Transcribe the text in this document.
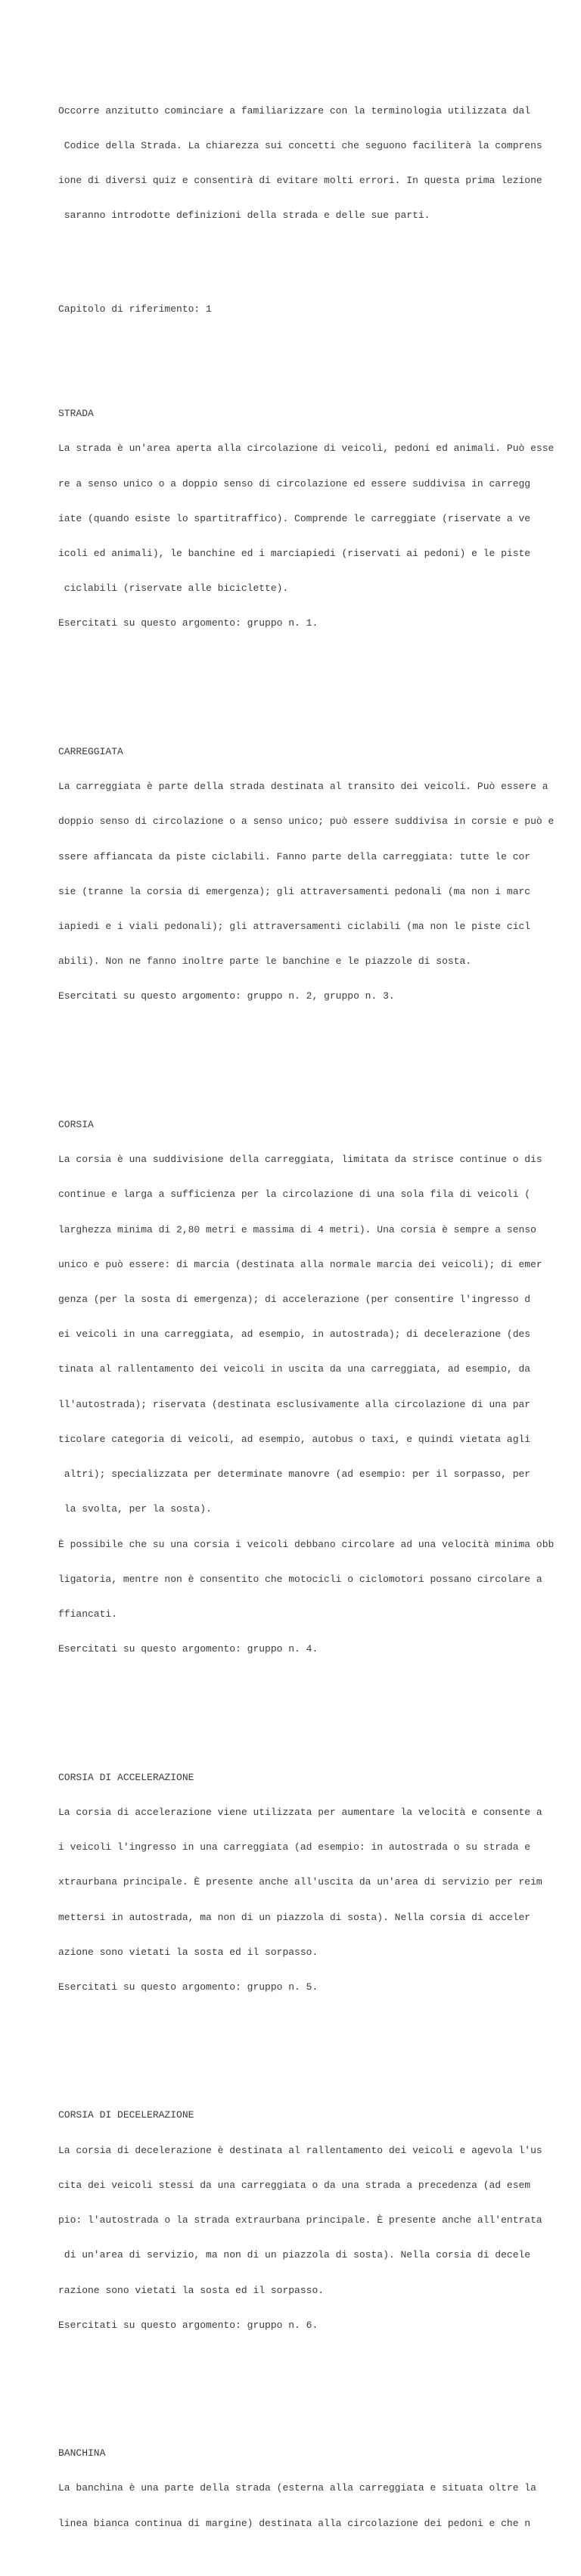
Occorre anzitutto cominciare a familiarizzare con la terminologia utilizzata dal

Codice della Strada. La chiarezza sui concetti che seguono faciliterà la comprens

ione di diversi quiz e consentirà di evitare molti errori. In questa prima lezione

saranno introdotte definizioni della strada e delle sue parti.

Capitolo di riferimento: 1

STRADA

La strada è un'area aperta alla circolazione di veicoli, pedoni ed animali. Può esse

re a senso unico o a doppio senso di circolazione ed essere suddivisa in carregg

iate (quando esiste lo spartitraffico). Comprende le carreggiate (riservate a ve

icoli ed animali), le banchine ed i marciapiedi (riservati ai pedoni) e le piste

ciclabili (riservate alle biciclette).

Esercitati su questo argomento: gruppo n. 1.

CARREGGIATA

La carreggiata è parte della strada destinata al transito dei veicoli. Può essere a

doppio senso di circolazione o a senso unico; può essere suddivisa in corsie e può e

ssere affiancata da piste ciclabili. Fanno parte della carreggiata: tutte le cor

sie (tranne la corsia di emergenza); gli attraversamenti pedonali (ma non i marc

iapiedi e i viali pedonali); gli attraversamenti ciclabili (ma non le piste cicl

abili). Non ne fanno inoltre parte le banchine e le piazzole di sosta.

Esercitati su questo argomento: gruppo n. 2, gruppo n. 3.

CORSIA

La corsia è una suddivisione della carreggiata, limitata da strisce continue o dis

continue e larga a sufficienza per la circolazione di una sola fila di veicoli (

larghezza minima di 2,80 metri e massima di 4 metri). Una corsia è sempre a senso

unico e può essere: di marcia (destinata alla normale marcia dei veicoli); di emer

genza (per la sosta di emergenza); di accelerazione (per consentire l'ingresso d

ei veicoli in una carreggiata, ad esempio, in autostrada); di decelerazione (des

tinata al rallentamento dei veicoli in uscita da una carreggiata, ad esempio, da

ll'autostrada); riservata (destinata esclusivamente alla circolazione di una par

ticolare categoria di veicoli, ad esempio, autobus o taxi, e quindi vietata agli

altri); specializzata per determinate manovre (ad esempio: per il sorpasso, per

la svolta, per la sosta).

È possibile che su una corsia i veicoli debbano circolare ad una velocità minima obb

ligatoria, mentre non è consentito che motocicli o ciclomotori possano circolare a

ffiancati.

Esercitati su questo argomento: gruppo n. 4.

CORSIA DI ACCELERAZIONE

La corsia di accelerazione viene utilizzata per aumentare la velocità e consente a

i veicoli l'ingresso in una carreggiata (ad esempio: in autostrada o su strada e

xtraurbana principale. È presente anche all'uscita da un'area di servizio per reim

mettersi in autostrada, ma non di un piazzola di sosta). Nella corsia di acceler

azione sono vietati la sosta ed il sorpasso.

Esercitati su questo argomento: gruppo n. 5.

CORSIA DI DECELERAZIONE

La corsia di decelerazione è destinata al rallentamento dei veicoli e agevola l'us

cita dei veicoli stessi da una carreggiata o da una strada a precedenza (ad esem

pio: l'autostrada o la strada extraurbana principale. È presente anche all'entrata

di un'area di servizio, ma non di un piazzola di sosta). Nella corsia di decele

razione sono vietati la sosta ed il sorpasso.

Esercitati su questo argomento: gruppo n. 6.

BANCHINA

La banchina è una parte della strada (esterna alla carreggiata e situata oltre la

linea bianca continua di margine) destinata alla circolazione dei pedoni e che n
